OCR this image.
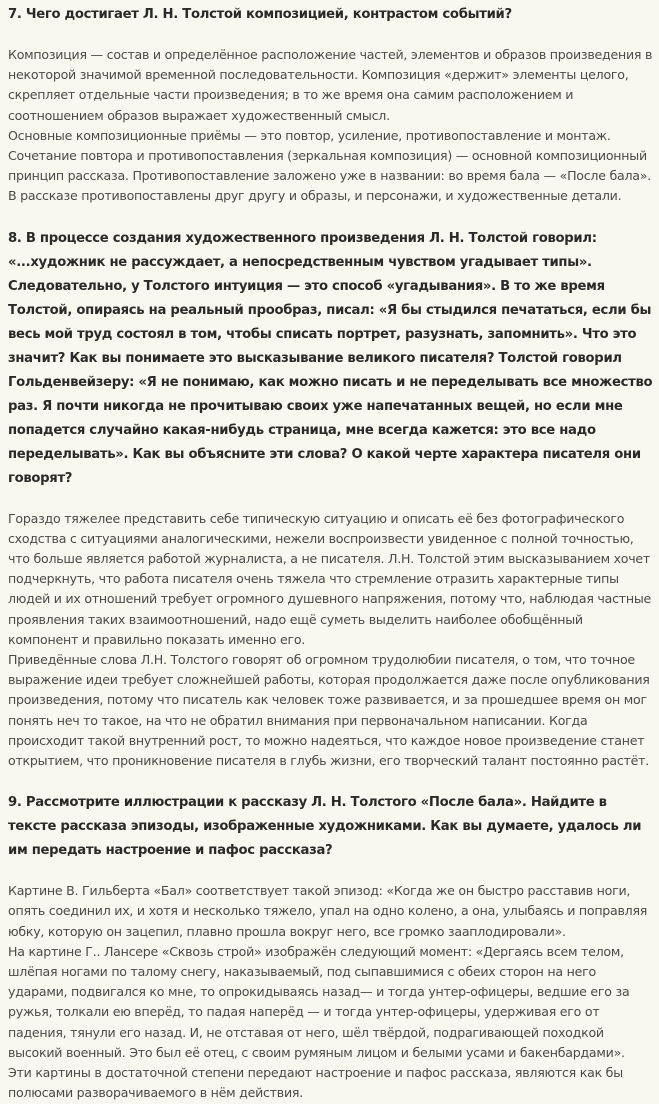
7. Чего достигает Л. Н. Толстой композицией, контрастом событий?

Композиция — состав и определённое расположение частей, элементов и образов произведения в некоторой значимой временной последовательности. Композиция «держит» элементы целого, скрепляет отдельные части произведения; в то же время она самим расположением и соотношением образов выражает художественный смысл.

Основные композиционные приёмы — это повтор, усиление, противопоставление и монтаж. Сочетание повтора и противопоставления (зеркальная композиция) — основной композиционный принцип рассказа. Противопоставление заложено уже в названии: во время бала — «После бала».

В рассказе противопоставлены друг другу и образы, и персонажи, и художественные детали.

8. В процессе создания художественного произведения Л. Н. Толстой говорил: «...художник не рассуждает, а непосредственным чувством угадывает типы». Следовательно, у Толстого интуиция — это способ «угадывания». В то же время Толстой, опираясь на реальный прообраз, писал: «Я бы стыдился печататься, если бы весь мой труд состоял в том, чтобы списать портрет, разузнать, запомнить». Что это значит? Как вы понимаете это высказывание великого писателя? Толстой говорил Гольденвейзеру: «Я не понимаю, как можно писать и не переделывать все множество раз. Я почти никогда не прочитываю своих уже напечатанных вещей, но если мне попадется случайно какая-нибудь страница, мне всегда кажется: это все надо переделывать». Как вы объясните эти слова? О какой черте характера писателя они говорят?

Гораздо тяжелее представить себе типическую ситуацию и описать её без фотографического сходства с ситуациями аналогическими, нежели воспроизвести увиденное с полной точностью, что больше является работой журналиста, а не писателя. Л.Н. Толстой этим высказыванием хочет подчеркнуть, что работа писателя очень тяжела что стремление отразить характерные типы людей и их отношений требует огромного душевного напряжения, потому что, наблюдая частные проявления таких взаимоотношений, надо ещё суметь выделить наиболее обобщённый компонент и правильно показать именно его.

Приведённые слова Л.Н. Толстого говорят об огромном трудолюбии писателя, о том, что точное выражение идеи требует сложнейшей работы, которая продолжается даже после опубликования произведения, потому что писатель как человек тоже развивается, и за прошедшее время он мог понять неч то такое, на что не обратил внимания при первоначальном написании. Когда происходит такой внутренний рост, то можно надеяться, что каждое новое произведение станет открытием, что проникновение писателя в глубь жизни, его творческий талант постоянно растёт.

9. Рассмотрите иллюстрации к рассказу Л. Н. Толстого «После бала». Найдите в тексте рассказа эпизоды, изображенные художниками. Как вы думаете, удалось ли им передать настроение и пафос рассказа?

Картине В. Гильберта «Бал» соответствует такой эпизод: «Когда же он быстро расставив ноги, опять соединил их, и хотя и несколько тяжело, упал на одно колено, а она, улыбаясь и поправляя юбку, которую он зацепил, плавно прошла вокруг него, все громко зааплодировали».

На картине Г.. Лансере «Сквозь строй» изображён следующий момент: «Дергаясь всем телом, шлёпая ногами по талому снегу, наказываемый, под сыпавшимися с обеих сторон на него ударами, подвигался ко мне, то опрокидываясь назад— и тогда унтер-офицеры, ведшие его за ружья, толкали ею вперёд, то падая наперёд — и тогда унтер-офицеры, удерживая его от падения, тянули его назад. И, не отставая от него, шёл твёрдой, подрагивающей походкой высокий военный. Это был её отец, с своим румяным лицом и белыми усами и бакенбардами».

Эти картины в достаточной степени передают настроение и пафос рассказа, являются как бы полюсами разворачиваемого в нём действия.
